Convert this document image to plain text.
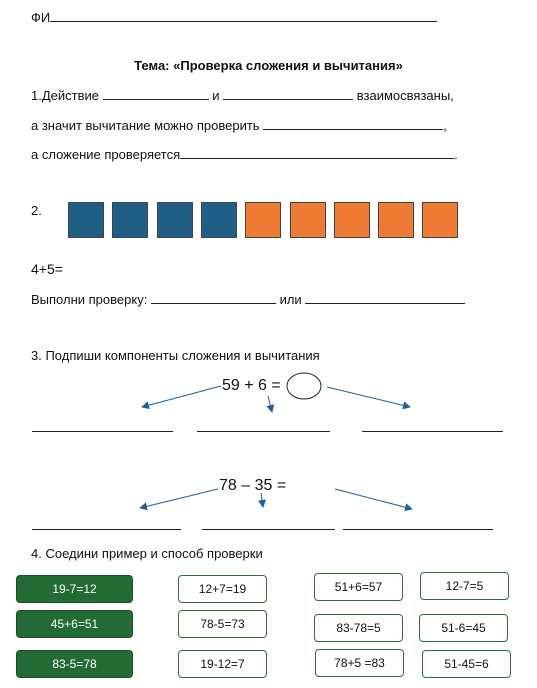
ФИ
Тема: «Проверка сложения и вычитания»
1.Действие	и	взаимосвязаны,
а значит вычитание можно проверить	,
а сложение проверяется	.
2.
4+5=
Выполни проверку:	или
3. Подпиши компоненты сложения и вычитания
59 + 6 =
78 – 35 =
4. Соедини пример и способ проверки
19-7=12
45+6=51
83-5=78
12+7=19
78-5=73
19-12=7
51+6=57
83-78=5
78+5 =83
12-7=5
51-6=45
51-45=6
